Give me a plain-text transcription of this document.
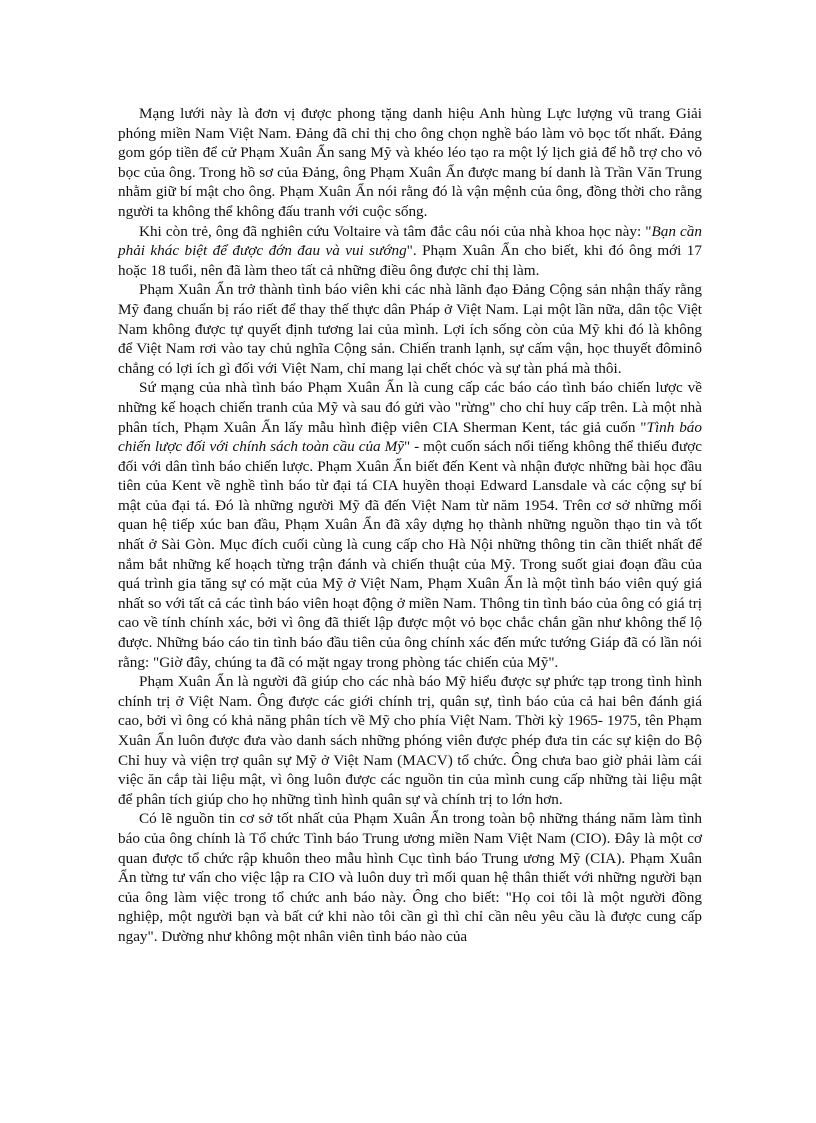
Mạng lưới này là đơn vị được phong tặng danh hiệu Anh hùng Lực lượng vũ trang Giải phóng miền Nam Việt Nam. Đảng đã chỉ thị cho ông chọn nghề báo làm vỏ bọc tốt nhất. Đảng gom góp tiền để cử Phạm Xuân Ẩn sang Mỹ và khéo léo tạo ra một lý lịch giả để hỗ trợ cho vỏ bọc của ông. Trong hồ sơ của Đảng, ông Phạm Xuân Ẩn được mang bí danh là Trần Văn Trung nhằm giữ bí mật cho ông. Phạm Xuân Ẩn nói rằng đó là vận mệnh của ông, đồng thời cho rằng người ta không thể không đấu tranh với cuộc sống.

Khi còn trẻ, ông đã nghiên cứu Voltaire và tâm đắc câu nói của nhà khoa học này: "Bạn cần phải khác biệt để được đớn đau và vui sướng". Phạm Xuân Ẩn cho biết, khi đó ông mới 17 hoặc 18 tuổi, nên đã làm theo tất cả những điều ông được chỉ thị làm.

Phạm Xuân Ẩn trở thành tình báo viên khi các nhà lãnh đạo Đảng Cộng sản nhận thấy rằng Mỹ đang chuẩn bị ráo riết để thay thế thực dân Pháp ở Việt Nam. Lại một lần nữa, dân tộc Việt Nam không được tự quyết định tương lai của mình. Lợi ích sống còn của Mỹ khi đó là không để Việt Nam rơi vào tay chủ nghĩa Cộng sản. Chiến tranh lạnh, sự cấm vận, học thuyết đôminô chẳng có lợi ích gì đối với Việt Nam, chỉ mang lại chết chóc và sự tàn phá mà thôi.

Sứ mạng của nhà tình báo Phạm Xuân Ẩn là cung cấp các báo cáo tình báo chiến lược về những kế hoạch chiến tranh của Mỹ và sau đó gửi vào "rừng" cho chỉ huy cấp trên. Là một nhà phân tích, Phạm Xuân Ẩn lấy mẫu hình điệp viên CIA Sherman Kent, tác giả cuốn "Tình báo chiến lược đối với chính sách toàn cầu của Mỹ" - một cuốn sách nổi tiếng không thể thiếu được đối với dân tình báo chiến lược. Phạm Xuân Ẩn biết đến Kent và nhận được những bài học đầu tiên của Kent về nghề tình báo từ đại tá CIA huyền thoại Edward Lansdale và các cộng sự bí mật của đại tá. Đó là những người Mỹ đã đến Việt Nam từ năm 1954. Trên cơ sở những mối quan hệ tiếp xúc ban đầu, Phạm Xuân Ẩn đã xây dựng họ thành những nguồn thạo tin và tốt nhất ở Sài Gòn. Mục đích cuối cùng là cung cấp cho Hà Nội những thông tin cần thiết nhất để nắm bắt những kế hoạch từng trận đánh và chiến thuật của Mỹ. Trong suốt giai đoạn đầu của quá trình gia tăng sự có mặt của Mỹ ở Việt Nam, Phạm Xuân Ẩn là một tình báo viên quý giá nhất so với tất cả các tình báo viên hoạt động ở miền Nam. Thông tin tình báo của ông có giá trị cao về tính chính xác, bởi vì ông đã thiết lập được một vỏ bọc chắc chắn gần như không thể lộ được. Những báo cáo tin tình báo đầu tiên của ông chính xác đến mức tướng Giáp đã có lần nói rằng: "Giờ đây, chúng ta đã có mặt ngay trong phòng tác chiến của Mỹ".

Phạm Xuân Ẩn là người đã giúp cho các nhà báo Mỹ hiểu được sự phức tạp trong tình hình chính trị ở Việt Nam. Ông được các giới chính trị, quân sự, tình báo của cả hai bên đánh giá cao, bởi vì ông có khả năng phân tích về Mỹ cho phía Việt Nam. Thời kỳ 1965- 1975, tên Phạm Xuân Ẩn luôn được đưa vào danh sách những phóng viên được phép đưa tin các sự kiện do Bộ Chỉ huy và viện trợ quân sự Mỹ ở Việt Nam (MACV) tổ chức. Ông chưa bao giờ phải làm cái việc ăn cắp tài liệu mật, vì ông luôn được các nguồn tin của mình cung cấp những tài liệu mật để phân tích giúp cho họ những tình hình quân sự và chính trị to lớn hơn.

Có lẽ nguồn tin cơ sở tốt nhất của Phạm Xuân Ẩn trong toàn bộ những tháng năm làm tình báo của ông chính là Tổ chức Tình báo Trung ương miền Nam Việt Nam (CIO). Đây là một cơ quan được tổ chức rập khuôn theo mẫu hình Cục tình báo Trung ương Mỹ (CIA). Phạm Xuân Ẩn từng tư vấn cho việc lập ra CIO và luôn duy trì mối quan hệ thân thiết với những người bạn của ông làm việc trong tổ chức anh báo này. Ông cho biết: "Họ coi tôi là một người đồng nghiệp, một người bạn và bất cứ khi nào tôi cần gì thì chỉ cần nêu yêu cầu là được cung cấp ngay". Dường như không một nhân viên tình báo nào của
